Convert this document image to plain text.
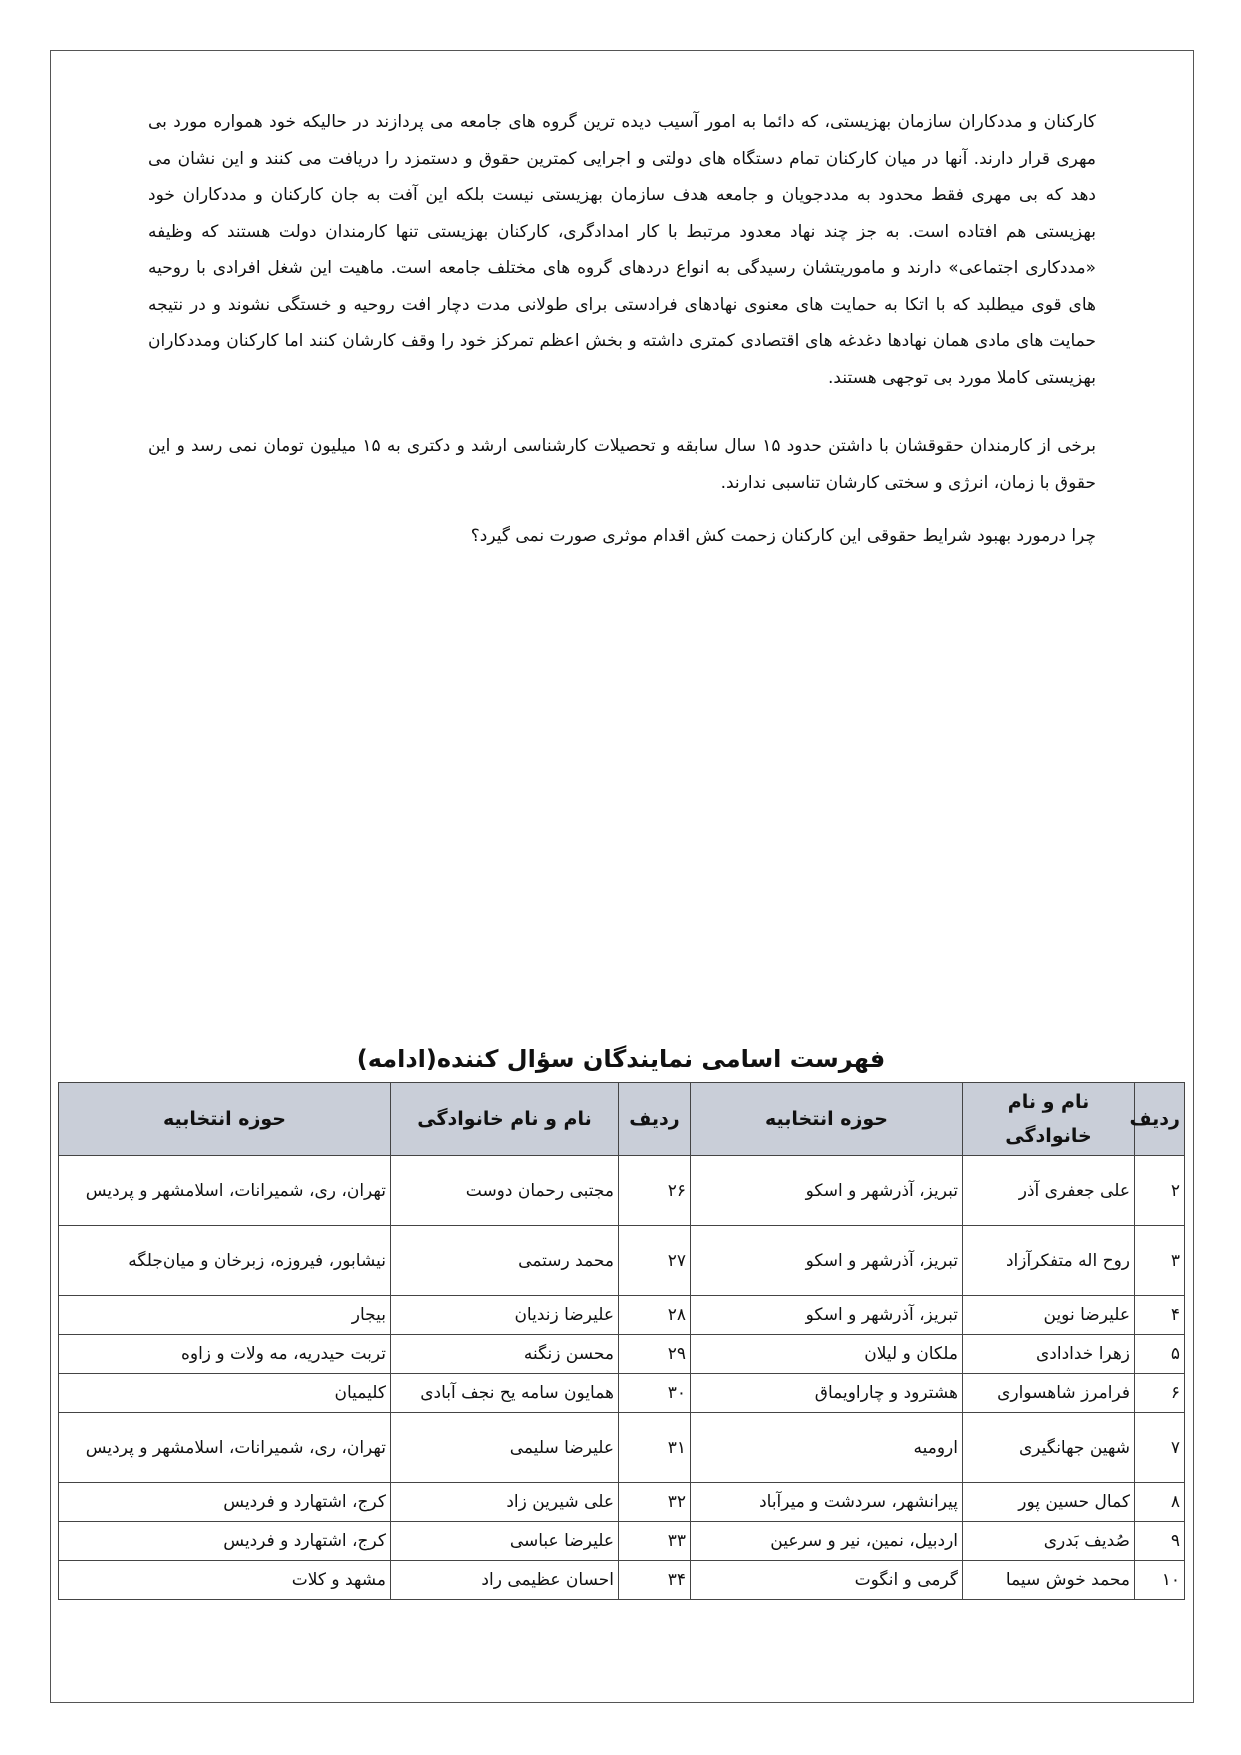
کارکنان و مددکاران سازمان بهزیستی، که دائما به امور آسیب دیده ترین گروه های جامعه می پردازند در حالیکه خود همواره مورد بی مهری قرار دارند. آنها در میان کارکنان تمام دستگاه های دولتی و اجرایی کمترین حقوق و دستمزد را دریافت می کنند و این نشان می دهد که بی مهری فقط محدود به مددجویان و جامعه هدف سازمان بهزیستی نیست بلکه این آفت به جان کارکنان و مددکاران خود بهزیستی هم افتاده است. به جز چند نهاد معدود مرتبط با کار امدادگری، کارکنان بهزیستی تنها کارمندان دولت هستند که وظیفه «مددکاری اجتماعی» دارند و ماموریتشان رسیدگی به انواع دردهای گروه های مختلف جامعه است. ماهیت این شغل افرادی با روحیه های قوی میطلبد که با اتکا به حمایت های معنوی نهادهای فرادستی برای طولانی مدت دچار افت روحیه و خستگی نشوند و در نتیجه حمایت های مادی همان نهادها دغدغه های اقتصادی کمتری داشته و بخش اعظم تمرکز خود را وقف کارشان کنند اما کارکنان ومددکاران بهزیستی کاملا مورد بی توجهی هستند.
برخی از کارمندان حقوقشان با داشتن حدود ۱۵ سال سابقه و تحصیلات کارشناسی ارشد و دکتری به ۱۵ میلیون تومان نمی رسد و این حقوق با زمان، انرژی و سختی کارشان تناسبی ندارند.
چرا درمورد بهبود شرایط حقوقی این کارکنان زحمت کش اقدام موثری صورت نمی گیرد؟
فهرست اسامی نمایندگان سؤال کننده(ادامه)
ردیف	نام و نام خانوادگی	حوزه انتخابیه	ردیف	نام و نام خانوادگی	حوزه انتخابیه
۲	علی جعفری آذر	تبریز، آذرشهر و اسکو	۲۶	مجتبی رحمان دوست	تهران، ری، شمیرانات، اسلامشهر و پردیس
۳	روح اله متفکرآزاد	تبریز، آذرشهر و اسکو	۲۷	محمد رستمی	نیشابور، فیروزه، زبرخان و میان‌جلگه
۴	علیرضا نوین	تبریز، آذرشهر و اسکو	۲۸	علیرضا زندیان	بیجار
۵	زهرا خدادادی	ملکان و لیلان	۲۹	محسن زنگنه	تربت حیدریه، مه ولات و زاوه
۶	فرامرز شاهسواری	هشترود و چاراویماق	۳۰	همایون سامه یح نجف آبادی	کلیمیان
۷	شهین جهانگیری	ارومیه	۳۱	علیرضا سلیمی	تهران، ری، شمیرانات، اسلامشهر و پردیس
۸	کمال حسین پور	پیرانشهر، سردشت و میرآباد	۳۲	علی شیرین زاد	کرج، اشتهارد و فردیس
۹	صُدیف بَدری	اردبیل، نمین، نیر و سرعین	۳۳	علیرضا عباسی	کرج، اشتهارد و فردیس
۱۰	محمد خوش سیما	گرمی و انگوت	۳۴	احسان عظیمی راد	مشهد و کلات
